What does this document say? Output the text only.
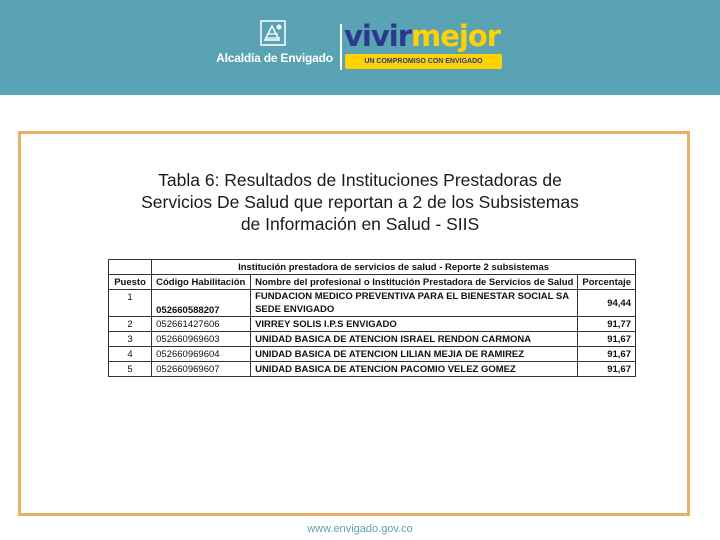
Alcaldía de Envigado
vivirmejor
UN COMPROMISO CON ENVIGADO
Tabla 6: Resultados de Instituciones Prestadoras de
Servicios De Salud que reportan a 2 de los Subsistemas
de Información en Salud - SIIS
	Institución prestadora de servicios de salud - Reporte 2 subsistemas		
Puesto	Código Habilitación	Nombre del profesional o Institución Prestadora de Servicios de Salud	Porcentaje
1	052660588207	FUNDACION MEDICO PREVENTIVA PARA EL BIENESTAR SOCIAL SA SEDE ENVIGADO	94,44
2	052661427606	VIRREY SOLIS I.P.S ENVIGADO	91,77
3	052660969603	UNIDAD BASICA DE ATENCION ISRAEL RENDON CARMONA	91,67
4	052660969604	UNIDAD BASICA DE ATENCION LILIAN MEJIA DE RAMIREZ	91,67
5	052660969607	UNIDAD BASICA DE ATENCION PACOMIO VELEZ GOMEZ	91,67
www.envigado.gov.co
